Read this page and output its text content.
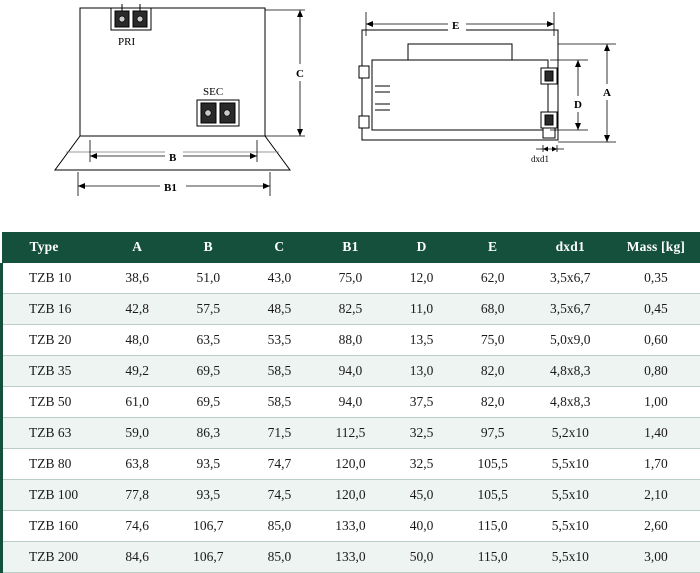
PRI
SEC
C
B
B1
E
D
A
dxd1
Type	A	B	C	B1	D	E	dxd1	Mass [kg]
TZB 10	38,6	51,0	43,0	75,0	12,0	62,0	3,5x6,7	0,35
TZB 16	42,8	57,5	48,5	82,5	11,0	68,0	3,5x6,7	0,45
TZB 20	48,0	63,5	53,5	88,0	13,5	75,0	5,0x9,0	0,60
TZB 35	49,2	69,5	58,5	94,0	13,0	82,0	4,8x8,3	0,80
TZB 50	61,0	69,5	58,5	94,0	37,5	82,0	4,8x8,3	1,00
TZB 63	59,0	86,3	71,5	112,5	32,5	97,5	5,2x10	1,40
TZB 80	63,8	93,5	74,7	120,0	32,5	105,5	5,5x10	1,70
TZB 100	77,8	93,5	74,5	120,0	45,0	105,5	5,5x10	2,10
TZB 160	74,6	106,7	85,0	133,0	40,0	115,0	5,5x10	2,60
TZB 200	84,6	106,7	85,0	133,0	50,0	115,0	5,5x10	3,00
